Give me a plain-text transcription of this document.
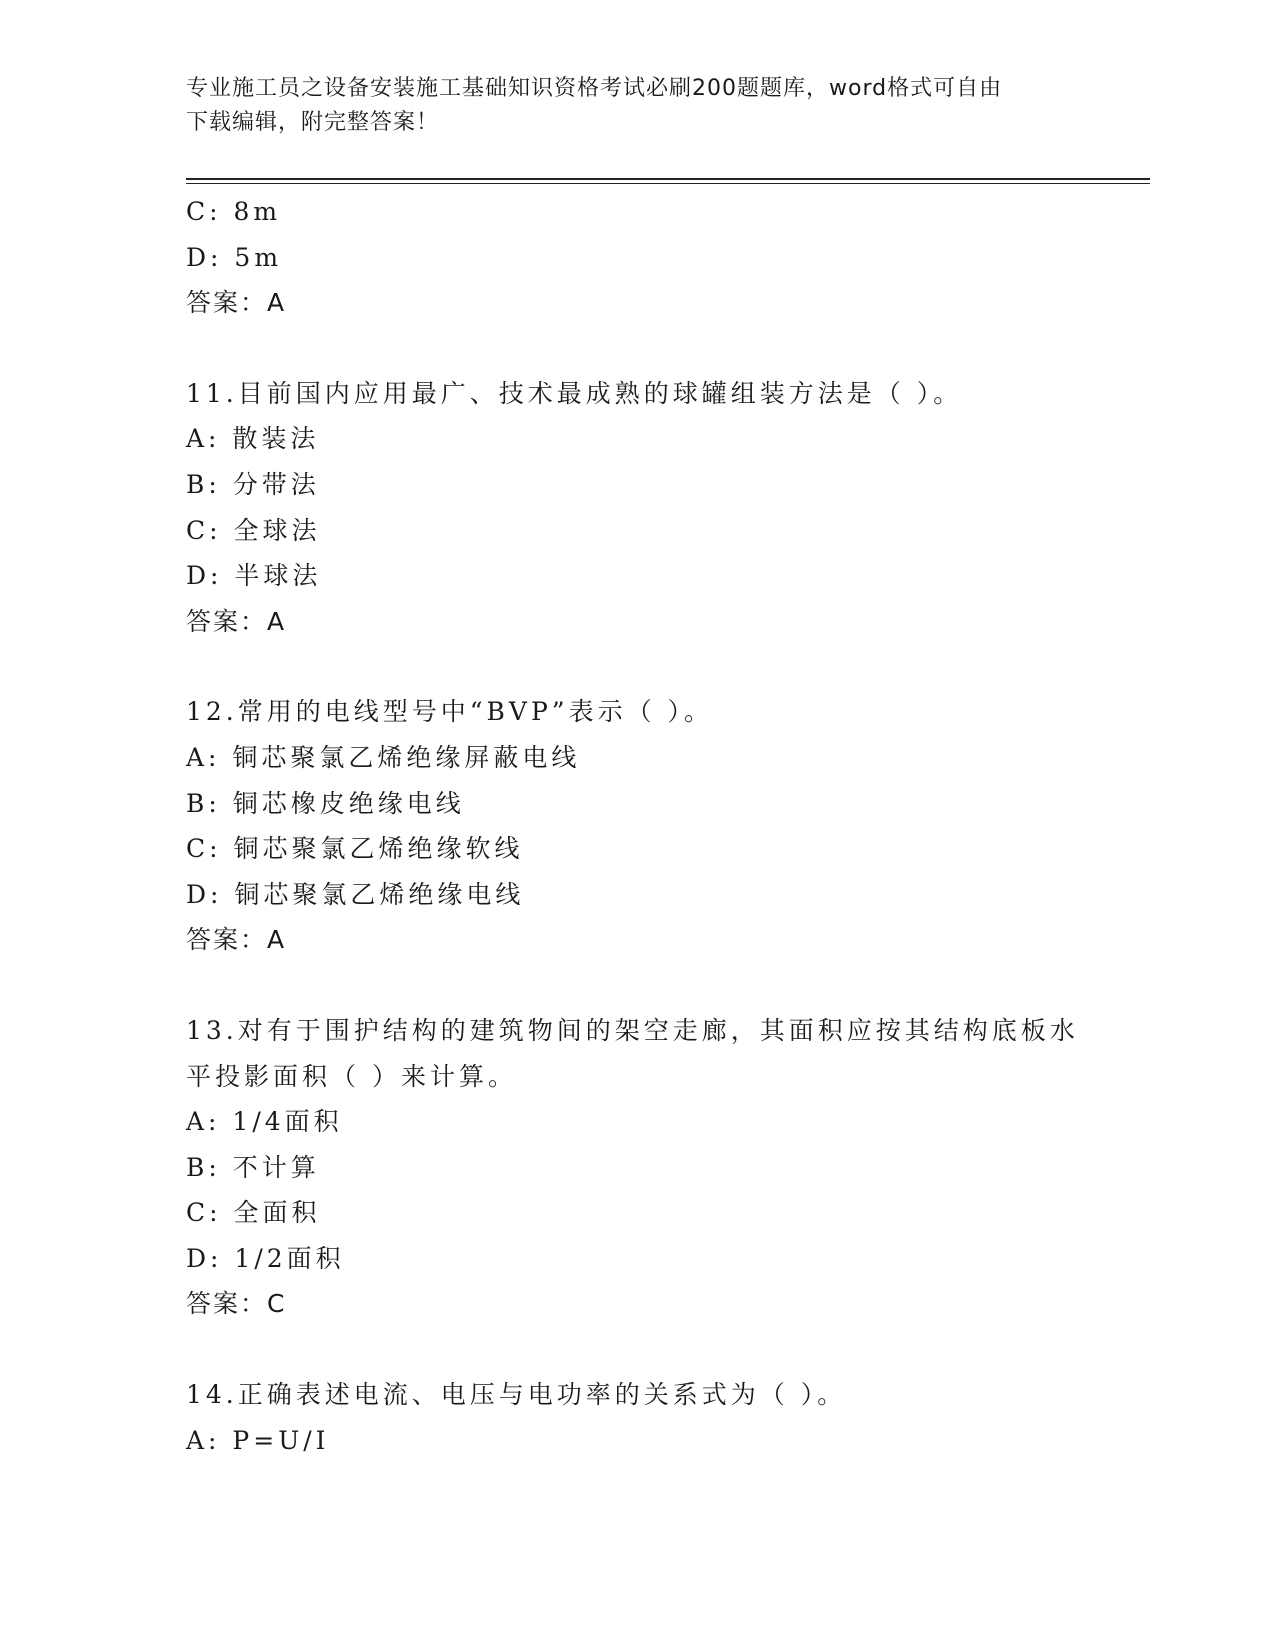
专业施工员之设备安装施工基础知识资格考试必刷200题题库，word格式可自由
下载编辑，附完整答案！
C: 8m
D: 5m
答案：A
11.目前国内应用最广、技术最成熟的球罐组装方法是（ ）。
A: 散装法
B: 分带法
C: 全球法
D: 半球法
答案：A
12.常用的电线型号中“BVP”表示（ ）。
A: 铜芯聚氯乙烯绝缘屏蔽电线
B: 铜芯橡皮绝缘电线
C: 铜芯聚氯乙烯绝缘软线
D: 铜芯聚氯乙烯绝缘电线
答案：A
13.对有于围护结构的建筑物间的架空走廊，其面积应按其结构底板水
平投影面积（ ）来计算。
A: 1/4面积
B: 不计算
C: 全面积
D: 1/2面积
答案：C
14.正确表述电流、电压与电功率的关系式为（ ）。
A: P=U/I
